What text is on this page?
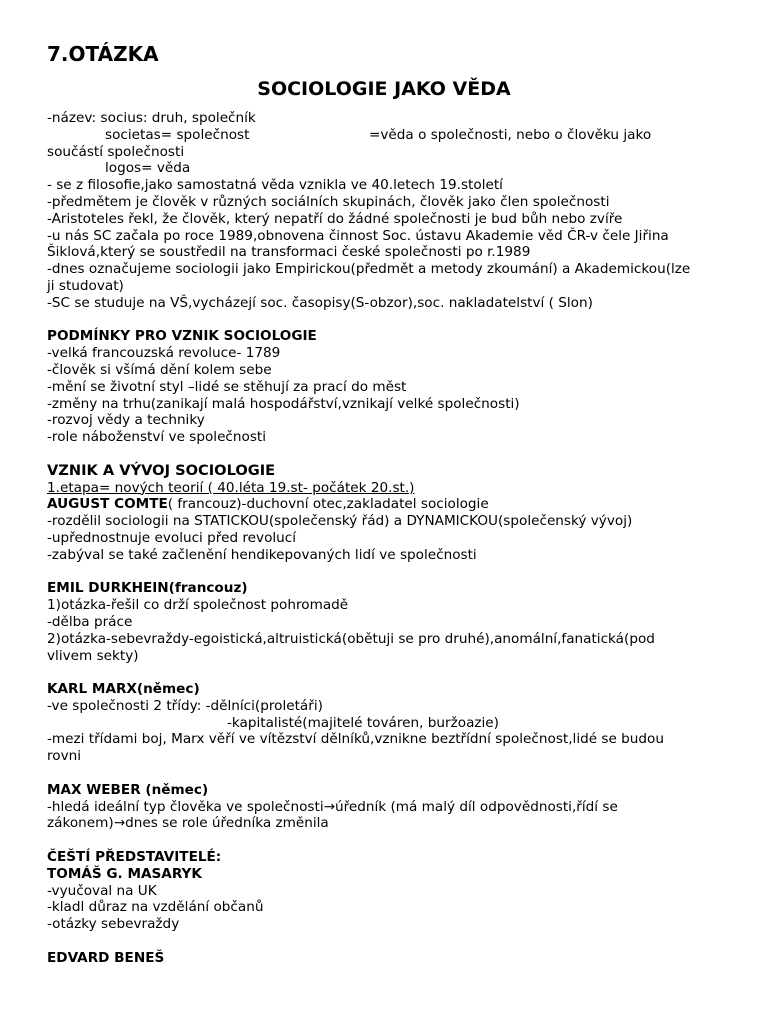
7.OTÁZKA
SOCIOLOGIE JAKO VĚDA
-název: socius: druh, společník
societas= společnost	=věda o společnosti, nebo o člověku jako
součástí společnosti
logos= věda
- se z filosofie,jako samostatná věda vznikla ve 40.letech 19.století
-předmětem je člověk v různých sociálních skupinách, člověk jako člen společnosti
-Aristoteles řekl, že člověk, který nepatří do žádné společnosti je bud bůh nebo zvíře
-u nás SC začala po roce 1989,obnovena činnost Soc. ústavu Akademie věd ČR-v čele Jiřina
Šiklová,který se soustředil na transformaci české společnosti po r.1989
-dnes označujeme sociologii jako Empirickou(předmět a metody zkoumání) a Akademickou(lze
ji studovat)
-SC se studuje na VŠ,vycházejí soc. časopisy(S-obzor),soc. nakladatelství ( Slon)
PODMÍNKY PRO VZNIK SOCIOLOGIE
-velká francouzská revoluce- 1789
-člověk si všímá dění kolem sebe
-mění se životní styl –lidé se stěhují za prací do měst
-změny na trhu(zanikají malá hospodářství,vznikají velké společnosti)
-rozvoj vědy a techniky
-role náboženství ve společnosti
VZNIK A VÝVOJ SOCIOLOGIE
1.etapa= nových teorií ( 40.léta 19.st- počátek 20.st.)
AUGUST COMTE( francouz)-duchovní otec,zakladatel sociologie
-rozdělil sociologii na STATICKOU(společenský řád) a DYNAMICKOU(společenský vývoj)
-upřednostnuje evoluci před revolucí
-zabýval se také začlenění hendikepovaných lidí ve společnosti
EMIL DURKHEIN(francouz)
1)otázka-řešil co drží společnost pohromadě
-dělba práce
2)otázka-sebevraždy-egoistická,altruistická(obětuji se pro druhé),anomální,fanatická(pod
vlivem sekty)
KARL MARX(němec)
-ve společnosti 2 třídy: -dělníci(proletáři)
-kapitalisté(majitelé továren, buržoazie)
-mezi třídami boj, Marx věří ve vítězství dělníků,vznikne beztřídní společnost,lidé se budou
rovni
MAX WEBER (němec)
-hledá ideální typ člověka ve společnosti→úředník (má malý díl odpovědnosti,řídí se
zákonem)→dnes se role úředníka změnila
ČEŠTÍ PŘEDSTAVITELÉ:
TOMÁŠ G. MASARYK
-vyučoval na UK
-kladl důraz na vzdělání občanů
-otázky sebevraždy
EDVARD BENEŠ
